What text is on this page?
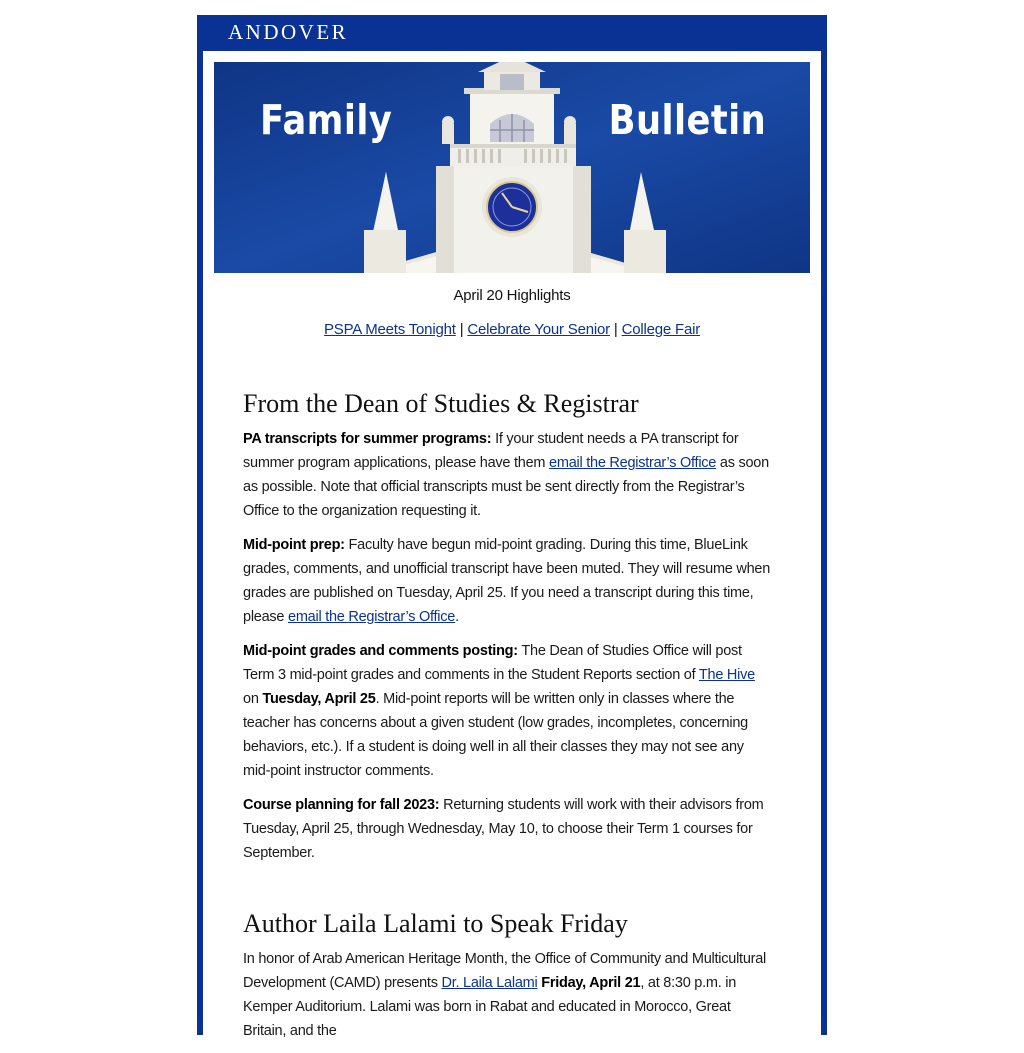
ANDOVER
Family	Bulletin
April 20 Highlights
PSPA Meets Tonight | Celebrate Your Senior | College Fair
From the Dean of Studies & Registrar

PA transcripts for summer programs: If your student needs a PA transcript for summer program applications, please have them email the Registrar’s Office as soon as possible. Note that official transcripts must be sent directly from the Registrar’s Office to the organization requesting it.

Mid-point prep: Faculty have begun mid-point grading. During this time, BlueLink grades, comments, and unofficial transcript have been muted. They will resume when grades are published on Tuesday, April 25. If you need a transcript during this time, please email the Registrar’s Office.

Mid-point grades and comments posting: The Dean of Studies Office will post Term 3 mid-point grades and comments in the Student Reports section of The Hive on Tuesday, April 25. Mid-point reports will be written only in classes where the teacher has concerns about a given student (low grades, incompletes, concerning behaviors, etc.). If a student is doing well in all their classes they may not see any mid-point instructor comments.

Course planning for fall 2023: Returning students will work with their advisors from Tuesday, April 25, through Wednesday, May 10, to choose their Term 1 courses for September.

Author Laila Lalami to Speak Friday

In honor of Arab American Heritage Month, the Office of Community and Multicultural Development (CAMD) presents Dr. Laila Lalami Friday, April 21, at 8:30 p.m. in Kemper Auditorium. Lalami was born in Rabat and educated in Morocco, Great Britain, and the
